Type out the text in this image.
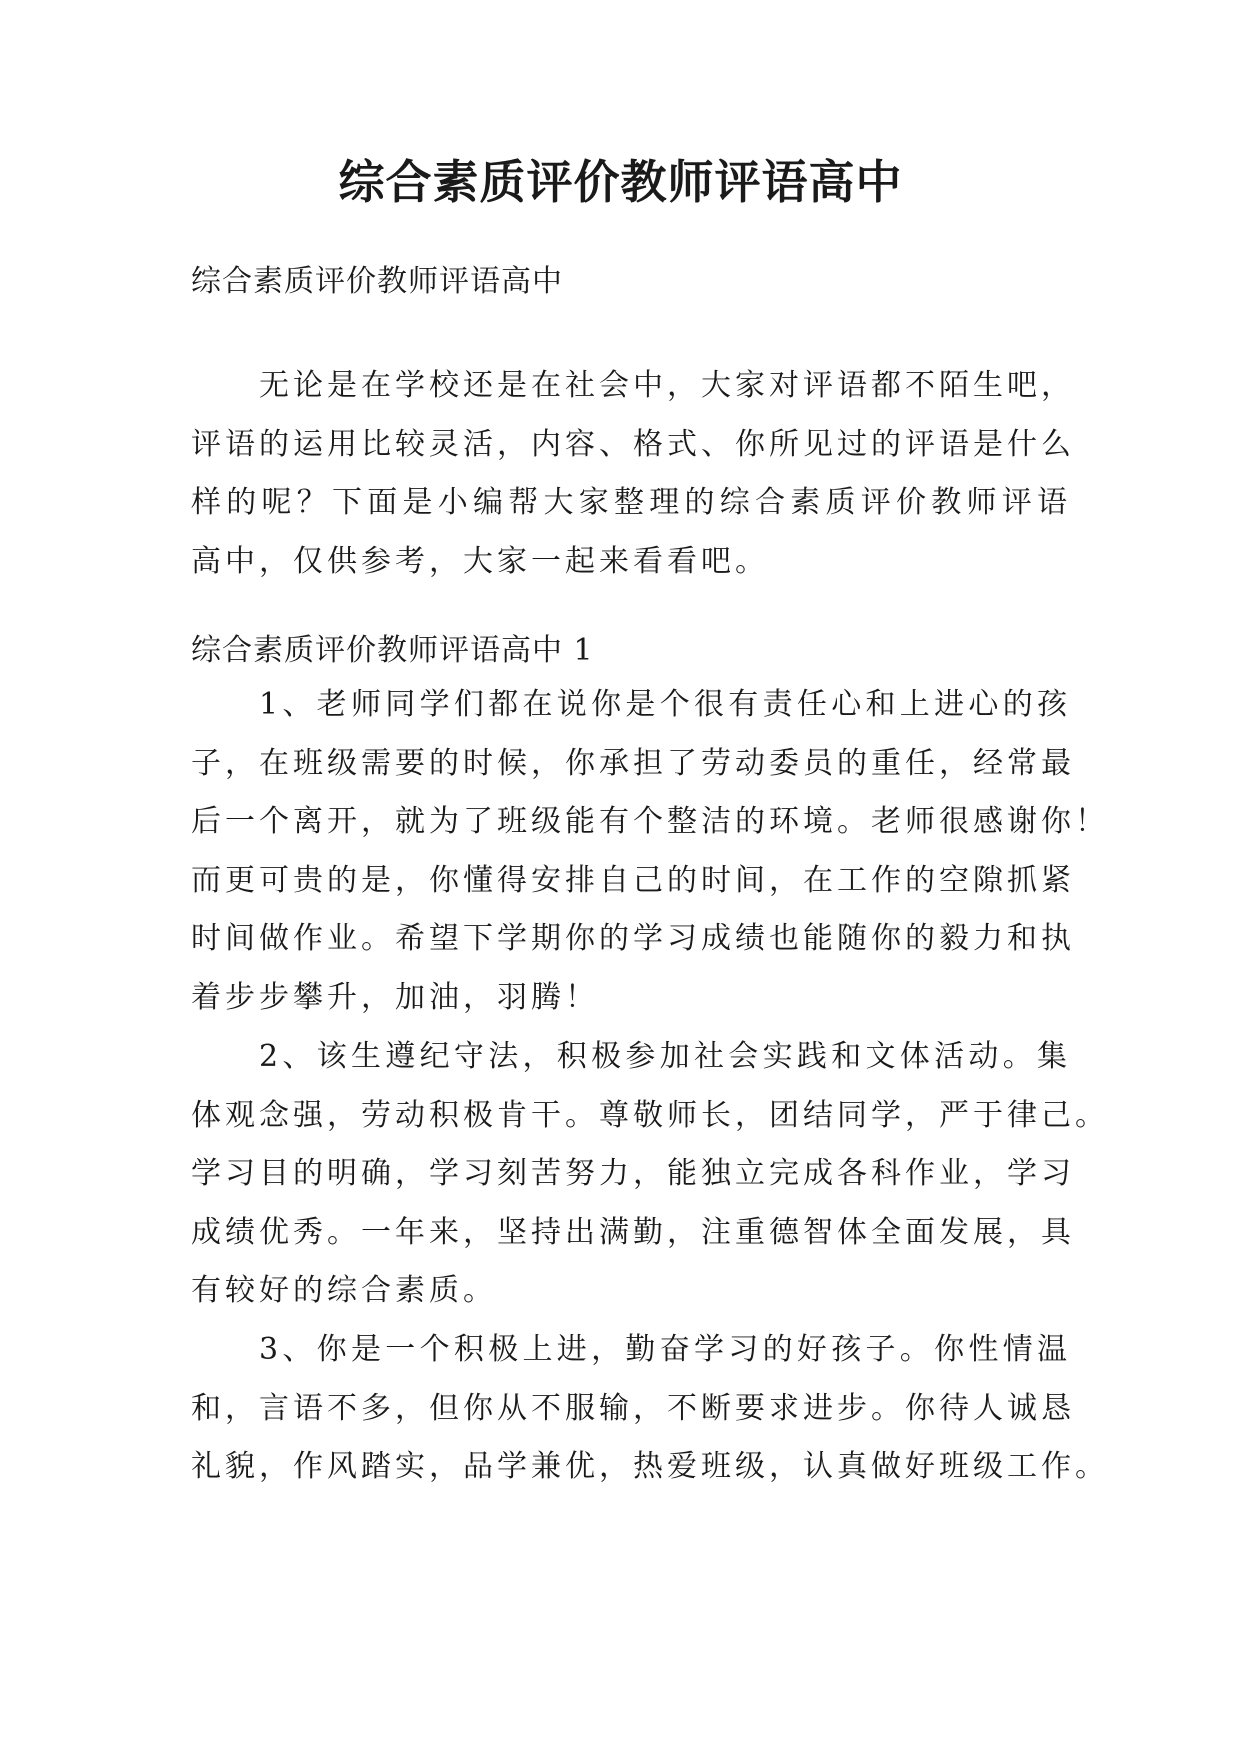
综合素质评价教师评语高中

综合素质评价教师评语高中

无论是在学校还是在社会中，大家对评语都不陌生吧，
评语的运用比较灵活，内容、格式、你所见过的评语是什么
样的呢？下面是小编帮大家整理的综合素质评价教师评语
高中，仅供参考，大家一起来看看吧。

综合素质评价教师评语高中 1

1、老师同学们都在说你是个很有责任心和上进心的孩
子，在班级需要的时候，你承担了劳动委员的重任，经常最
后一个离开，就为了班级能有个整洁的环境。老师很感谢你！
而更可贵的是，你懂得安排自己的时间，在工作的空隙抓紧
时间做作业。希望下学期你的学习成绩也能随你的毅力和执
着步步攀升，加油，羽腾！
2、该生遵纪守法，积极参加社会实践和文体活动。集
体观念强，劳动积极肯干。尊敬师长，团结同学，严于律己。
学习目的明确，学习刻苦努力，能独立完成各科作业，学习
成绩优秀。一年来，坚持出满勤，注重德智体全面发展，具
有较好的综合素质。
3、你是一个积极上进，勤奋学习的好孩子。你性情温
和，言语不多，但你从不服输，不断要求进步。你待人诚恳
礼貌，作风踏实，品学兼优，热爱班级，认真做好班级工作。
